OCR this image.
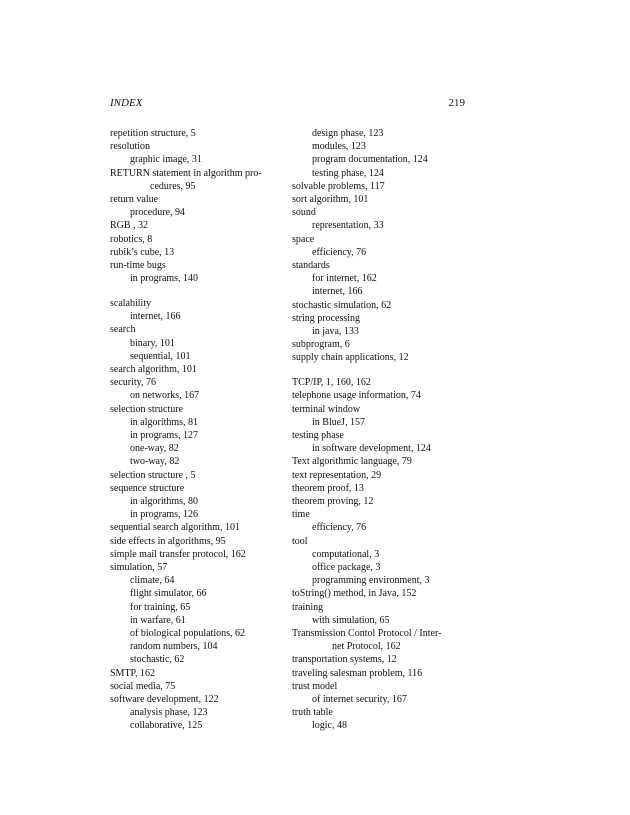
INDEX	219
repetition structure, 5
resolution
graphic image, 31
RETURN statement in algorithm pro-
cedures, 95
return value
procedure, 94
RGB , 32
robotics, 8
rubik’s cube, 13
run-time bugs
in programs, 140
scalability
internet, 166
search
binary, 101
sequential, 101
search algorithm, 101
security, 76
on networks, 167
selection structure
in algorithms, 81
in programs, 127
one-way, 82
two-way, 82
selection structure , 5
sequence structure
in algorithms, 80
in programs, 126
sequential search algorithm, 101
side effects in algorithms, 95
simple mail transfer protocol, 162
simulation, 57
climate, 64
flight simulator, 66
for training, 65
in warfare, 61
of biological populations, 62
random numbers, 104
stochastic, 62
SMTP, 162
social media, 75
software development, 122
analysis phase, 123
collaborative, 125
design phase, 123
modules, 123
program documentation, 124
testing phase, 124
solvable problems, 117
sort algorithm, 101
sound
representation, 33
space
efficiency, 76
standards
for internet, 162
internet, 166
stochastic simulation, 62
string processing
in java, 133
subprogram, 6
supply chain applications, 12
TCP/IP, 1, 160, 162
telephone usage information, 74
terminal window
in BlueJ, 157
testing phase
in software development, 124
Text algorithmic language, 79
text representation, 29
theorem proof, 13
theorem proving, 12
time
efficiency, 76
tool
computational, 3
office package, 3
programming environment, 3
toString() method, in Java, 152
training
with simulation, 65
Transmission Contol Protocol / Inter-
net Protocol, 162
transportation systems, 12
traveling salesman problem, 116
trust model
of internet security, 167
truth table
logic, 48
